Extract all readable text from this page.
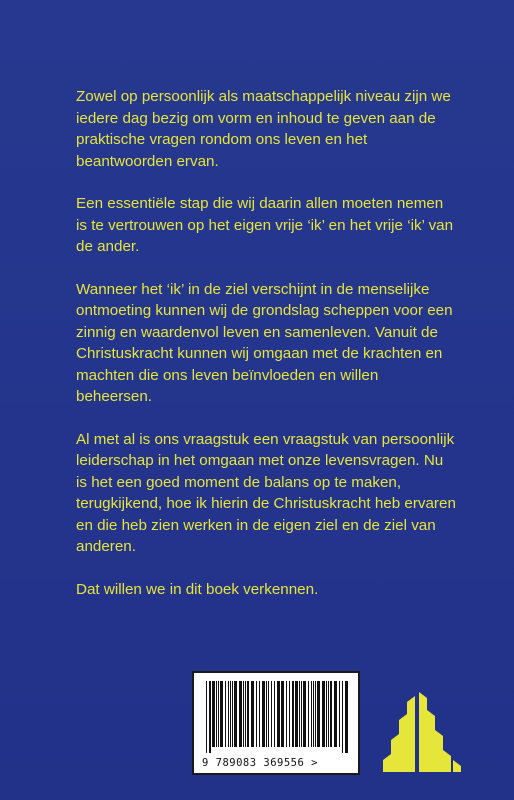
Zowel op persoonlijk als maatschappelijk niveau zijn we iedere dag bezig om vorm en inhoud te geven aan de praktische vragen rondom ons leven en het beantwoorden ervan.

Een essentiële stap die wij daarin allen moeten nemen is te vertrouwen op het eigen vrije ‘ik’ en het vrije ‘ik’ van de ander.

Wanneer het ‘ik’ in de ziel verschijnt in de menselijke ontmoeting kunnen wij de grondslag scheppen voor een zinnig en waardenvol leven en samenleven. Vanuit de Christuskracht kunnen wij omgaan met de krachten en machten die ons leven beïnvloeden en willen beheersen.

Al met al is ons vraagstuk een vraagstuk van persoonlijk leiderschap in het omgaan met onze levensvragen. Nu is het een goed moment de balans op te maken, terugkijkend, hoe ik hierin de Christuskracht heb ervaren en die heb zien werken in de eigen ziel en de ziel van anderen.

Dat willen we in dit boek verkennen.

9 789083 369556 >
